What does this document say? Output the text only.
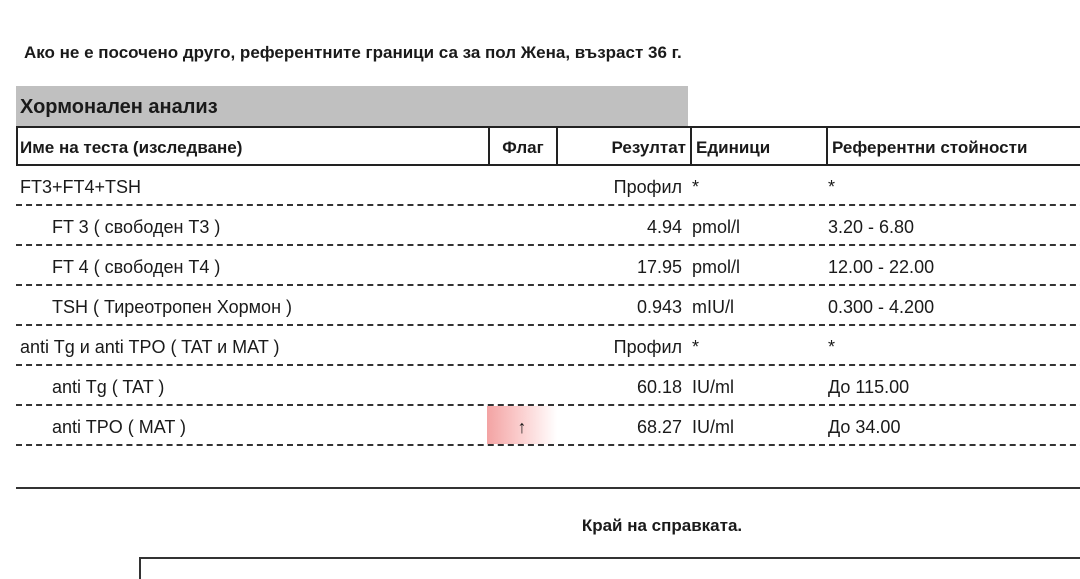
Ако не е посочено друго, референтните граници са за пол Жена, възраст 36 г.
Хормонален анализ
Име на теста (изследване)	Флаг	Резултат Единици	Референтни стойности
FT3+FT4+TSH	Профил *	*
FT 3 ( свободен Т3 )	4.94 pmol/l	3.20 - 6.80
FT 4 ( свободен Т4 )	17.95 pmol/l	12.00 - 22.00
TSH ( Тиреотропен Хормон )	0.943 mIU/l	0.300 - 4.200
anti Tg и anti TPO ( TAT и MAT )	Профил *	*
anti Tg ( TAT )	60.18 IU/ml	До 115.00
anti TPO ( MAT )	↑	68.27 IU/ml	До 34.00
Край на справката.
